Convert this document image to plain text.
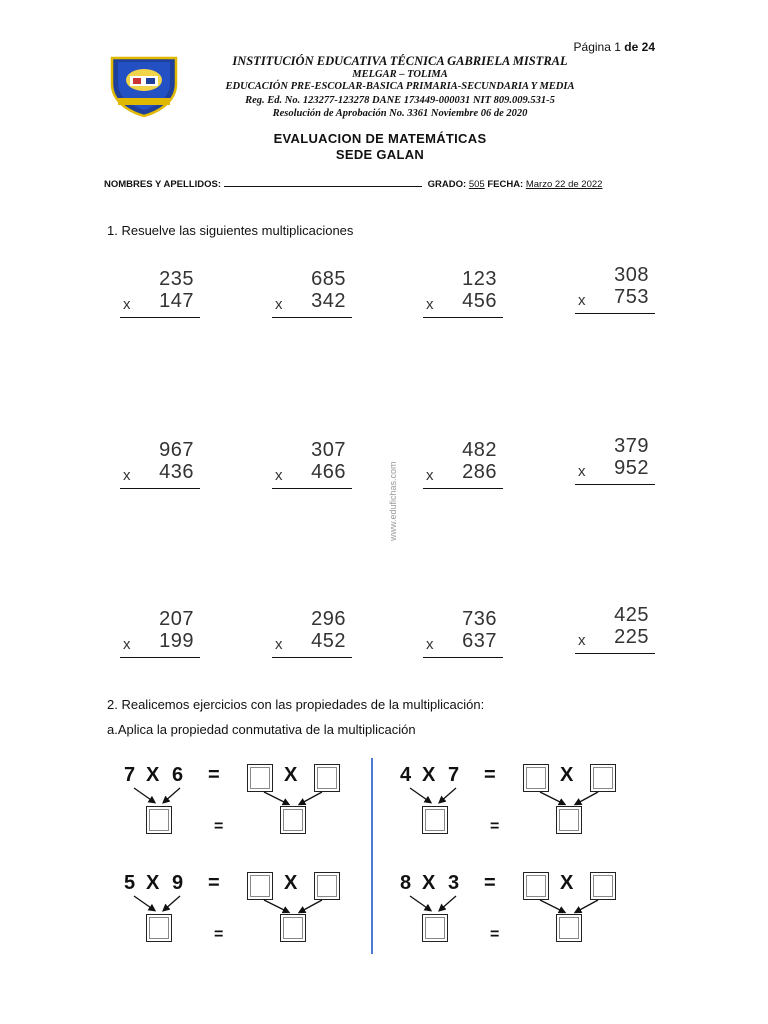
Página 1 de 24
INSTITUCIÓN EDUCATIVA TÉCNICA GABRIELA MISTRAL
MELGAR – TOLIMA
EDUCACIÓN PRE-ESCOLAR-BASICA PRIMARIA-SECUNDARIA Y MEDIA
Reg. Ed. No. 123277-123278 DANE 173449-000031 NIT 809.009.531-5
Resolución de Aprobación No. 3361 Noviembre 06 de 2020
EVALUACION DE MATEMÁTICAS
SEDE GALAN
NOMBRES Y APELLIDOS:	GRADO: 505 FECHA: Marzo 22 de 2022
1. Resuelve las siguientes multiplicaciones
235
x 147
685
x 342
123
x 456
308
x 753
967
x 436
307
x 466
482
x 286
379
x 952
207
x 199
296
x 452
736
x 637
425
x 225
www.edufichas.com
2. Realicemos ejercicios con las propiedades de la multiplicación:
a.Aplica la propiedad conmutativa de la multiplicación
7 X 6 =	X
=
4 X 7 =	X
=
5 X 9 =	X
=
8 X 3 =	X
=
